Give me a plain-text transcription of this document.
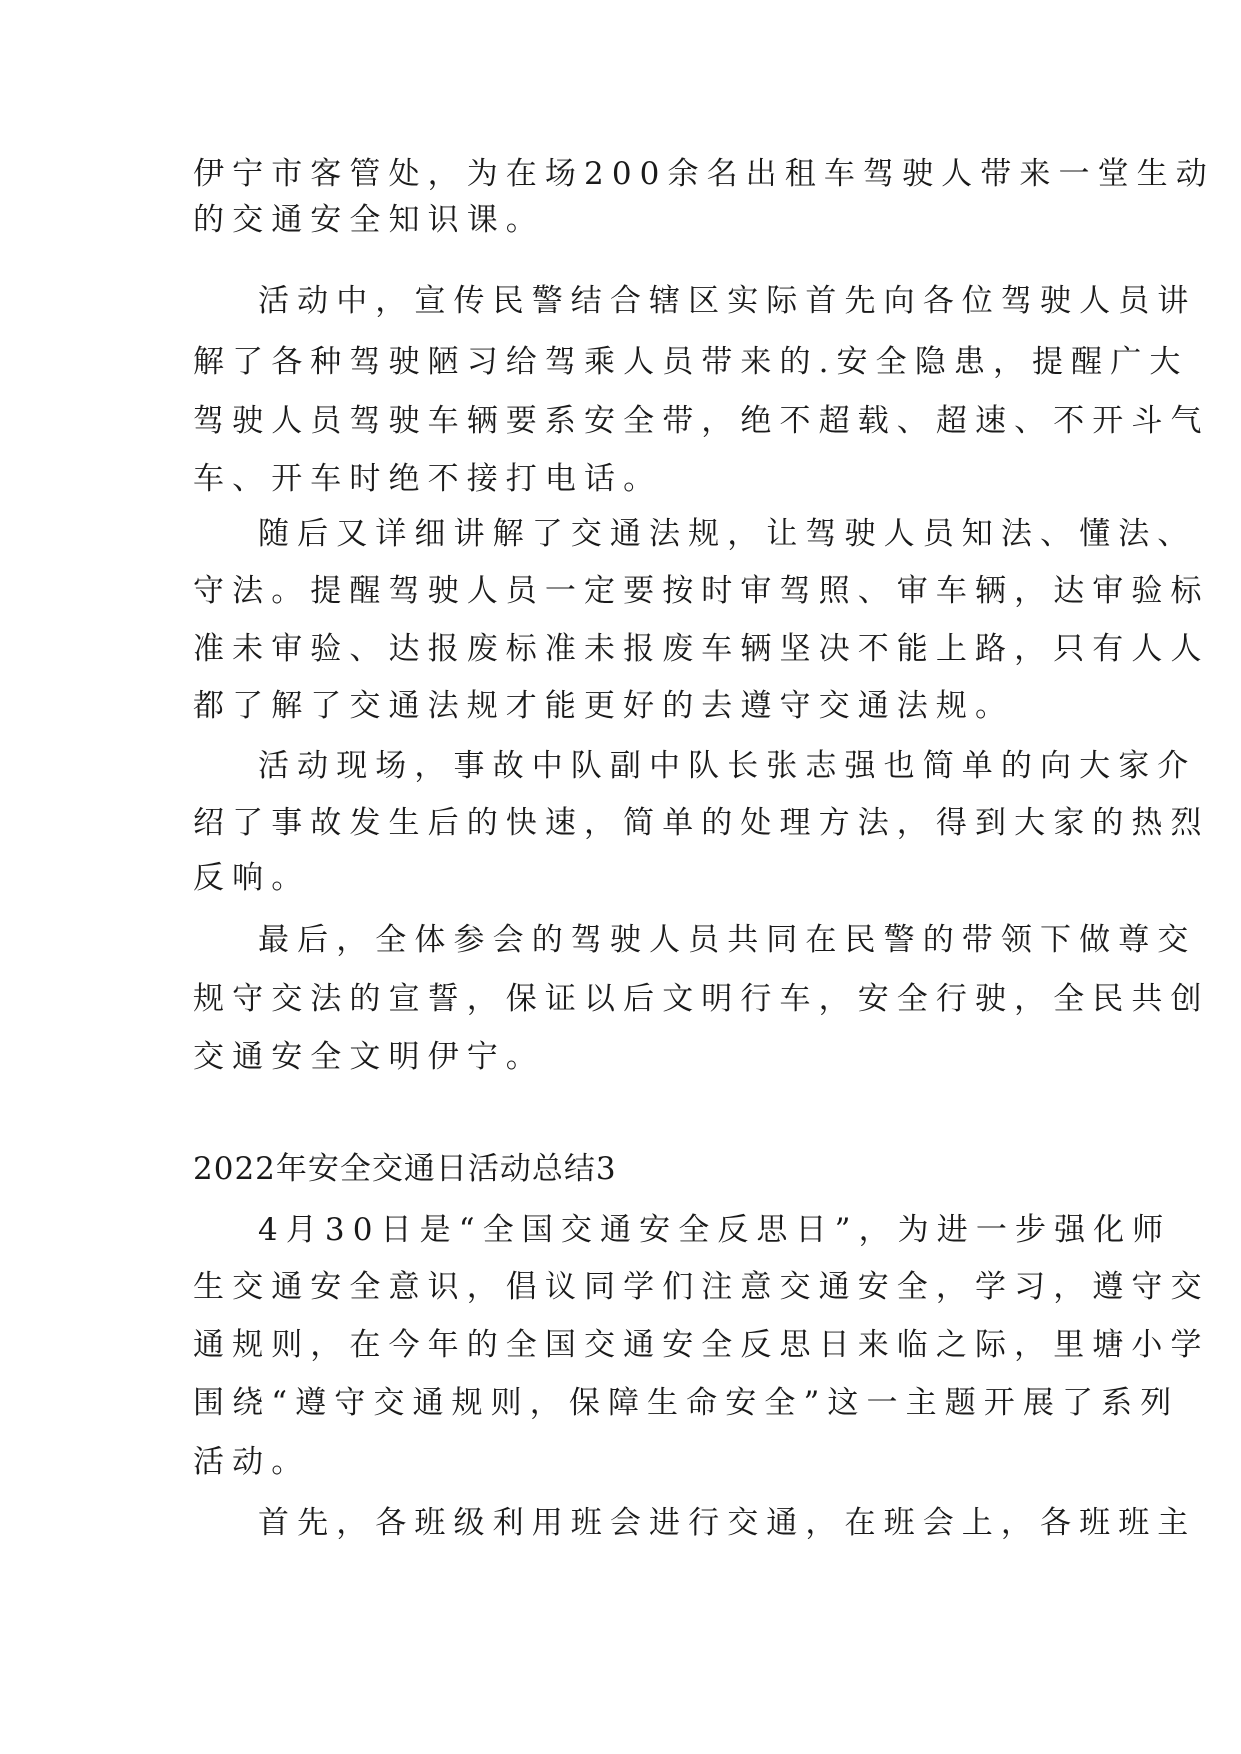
伊宁市客管处，为在场200余名出租车驾驶人带来一堂生动
的交通安全知识课。
活动中，宣传民警结合辖区实际首先向各位驾驶人员讲
解了各种驾驶陋习给驾乘人员带来的.安全隐患，提醒广大
驾驶人员驾驶车辆要系安全带，绝不超载、超速、不开斗气
车、开车时绝不接打电话。
随后又详细讲解了交通法规，让驾驶人员知法、懂法、
守法。提醒驾驶人员一定要按时审驾照、审车辆，达审验标
准未审验、达报废标准未报废车辆坚决不能上路，只有人人
都了解了交通法规才能更好的去遵守交通法规。
活动现场，事故中队副中队长张志强也简单的向大家介
绍了事故发生后的快速，简单的处理方法，得到大家的热烈
反响。
最后，全体参会的驾驶人员共同在民警的带领下做尊交
规守交法的宣誓，保证以后文明行车，安全行驶，全民共创
交通安全文明伊宁。
2022年安全交通日活动总结3
4月30日是“全国交通安全反思日”，为进一步强化师
生交通安全意识，倡议同学们注意交通安全，学习，遵守交
通规则，在今年的全国交通安全反思日来临之际，里塘小学
围绕“遵守交通规则，保障生命安全”这一主题开展了系列
活动。
首先，各班级利用班会进行交通，在班会上，各班班主
